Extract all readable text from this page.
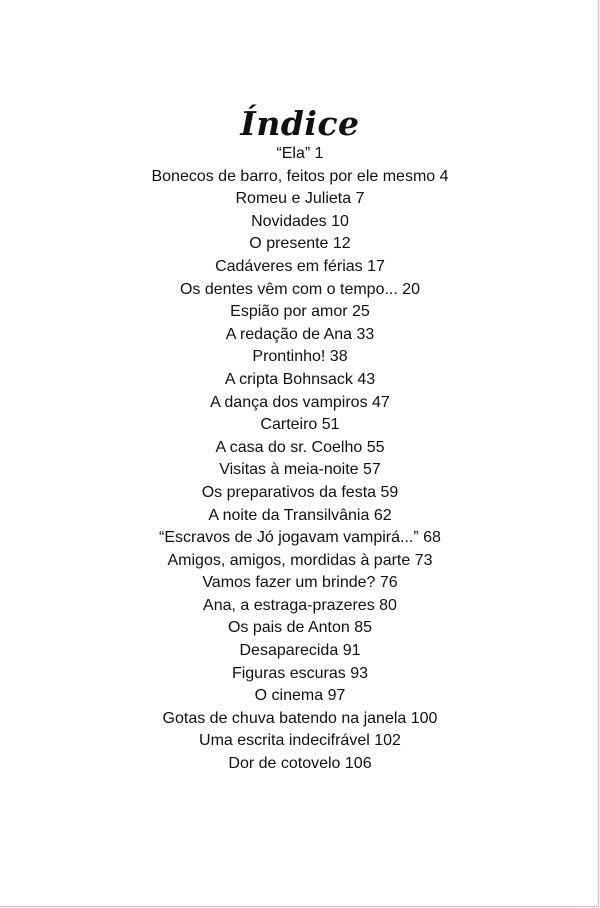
Índice
“Ela” 1
Bonecos de barro, feitos por ele mesmo 4
Romeu e Julieta 7
Novidades 10
O presente 12
Cadáveres em férias 17
Os dentes vêm com o tempo... 20
Espião por amor 25
A redação de Ana 33
Prontinho! 38
A cripta Bohnsack 43
A dança dos vampiros 47
Carteiro 51
A casa do sr. Coelho 55
Visitas à meia-noite 57
Os preparativos da festa 59
A noite da Transilvânia 62
“Escravos de Jó jogavam vampirá...” 68
Amigos, amigos, mordidas à parte 73
Vamos fazer um brinde? 76
Ana, a estraga-prazeres 80
Os pais de Anton 85
Desaparecida 91
Figuras escuras 93
O cinema 97
Gotas de chuva batendo na janela 100
Uma escrita indecifrável 102
Dor de cotovelo 106
